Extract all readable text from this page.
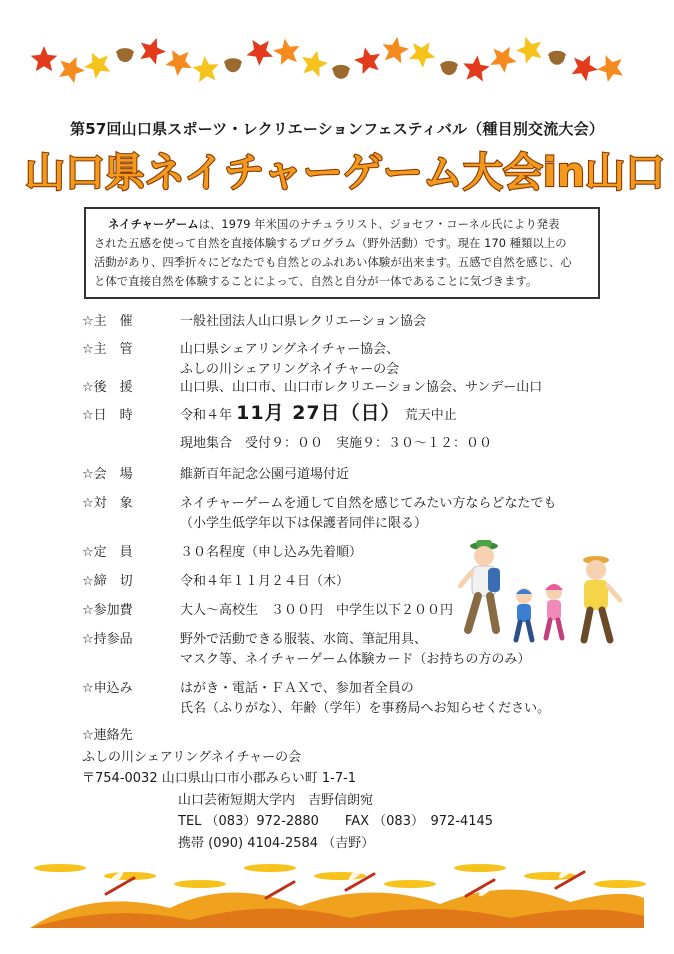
第57回山口県スポーツ・レクリエーションフェスティバル（種目別交流大会）
山口県ネイチャーゲーム大会in山口
ネイチャーゲームは、1979 年米国のナチュラリスト、ジョセフ・コーネル氏により発表
された五感を使って自然を直接体験するプログラム（野外活動）です。現在 170 種類以上の
活動があり、四季折々にどなたでも自然とのふれあい体験が出来ます。五感で自然を感じ、心
と体で直接自然を体験することによって、自然と自分が一体であることに気づきます。
☆主　催	一般社団法人山口県レクリエーション協会
☆主　管	山口県シェアリングネイチャー協会、
ふしの川シェアリングネイチャーの会
☆後　援	山口県、山口市、山口市レクリエーション協会、サンデー山口
☆日　時	令和４年 11月 27日（日） 荒天中止
現地集合　受付９：００　実施９：３０～１２：００
☆会　場	維新百年記念公園弓道場付近
☆対　象	ネイチャーゲームを通して自然を感じてみたい方ならどなたでも
（小学生低学年以下は保護者同伴に限る）
☆定　員	３０名程度（申し込み先着順）
☆締　切	令和４年１１月２４日（木）
☆参加費	大人～高校生　３００円　中学生以下２００円
☆持参品	野外で活動できる服装、水筒、筆記用具、
マスク等、ネイチャーゲーム体験カード（お持ちの方のみ）
☆申込み	はがき・電話・ＦＡＸで、参加者全員の
氏名（ふりがな）、年齢（学年）を事務局へお知らせください。
☆連絡先
ふしの川シェアリングネイチャーの会
〒754-0032 山口県山口市小郡みらい町 1-7-1
山口芸術短期大学内　吉野信朗宛
TEL （083）972-2880　　FAX （083）　972-4145
携帯 (090) 4104-2584 （吉野）
